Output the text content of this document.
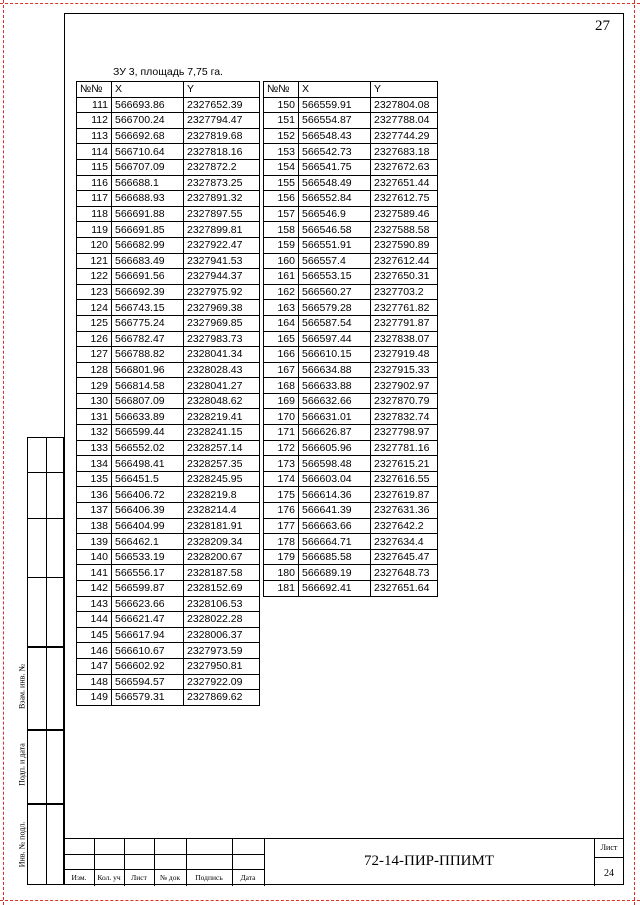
27
ЗУ 3, площадь 7,75 га.
№№	X	Y
111	566693.86	2327652.39
112	566700.24	2327794.47
113	566692.68	2327819.68
114	566710.64	2327818.16
115	566707.09	2327872.2
116	566688.1	2327873.25
117	566688.93	2327891.32
118	566691.88	2327897.55
119	566691.85	2327899.81
120	566682.99	2327922.47
121	566683.49	2327941.53
122	566691.56	2327944.37
123	566692.39	2327975.92
124	566743.15	2327969.38
125	566775.24	2327969.85
126	566782.47	2327983.73
127	566788.82	2328041.34
128	566801.96	2328028.43
129	566814.58	2328041.27
130	566807.09	2328048.62
131	566633.89	2328219.41
132	566599.44	2328241.15
133	566552.02	2328257.14
134	566498.41	2328257.35
135	566451.5	2328245.95
136	566406.72	2328219.8
137	566406.39	2328214.4
138	566404.99	2328181.91
139	566462.1	2328209.34
140	566533.19	2328200.67
141	566556.17	2328187.58
142	566599.87	2328152.69
143	566623.66	2328106.53
144	566621.47	2328022.28
145	566617.94	2328006.37
146	566610.67	2327973.59
147	566602.92	2327950.81
148	566594.57	2327922.09
149	566579.31	2327869.62
№№	X	Y
150	566559.91	2327804.08
151	566554.87	2327788.04
152	566548.43	2327744.29
153	566542.73	2327683.18
154	566541.75	2327672.63
155	566548.49	2327651.44
156	566552.84	2327612.75
157	566546.9	2327589.46
158	566546.58	2327588.58
159	566551.91	2327590.89
160	566557.4	2327612.44
161	566553.15	2327650.31
162	566560.27	2327703.2
163	566579.28	2327761.82
164	566587.54	2327791.87
165	566597.44	2327838.07
166	566610.15	2327919.48
167	566634.88	2327915.33
168	566633.88	2327902.97
169	566632.66	2327870.79
170	566631.01	2327832.74
171	566626.87	2327798.97
172	566605.96	2327781.16
173	566598.48	2327615.21
174	566603.04	2327616.55
175	566614.36	2327619.87
176	566641.39	2327631.36
177	566663.66	2327642.2
178	566664.71	2327634.4
179	566685.58	2327645.47
180	566689.19	2327648.73
181	566692.41	2327651.64
Взам. инв. №
Подп. и дата
Инв. № подл.
Изм.	Кол. уч	Лист	№ док	Подпись	Дата
72-14-ПИР-ППИМТ
Лист
24
